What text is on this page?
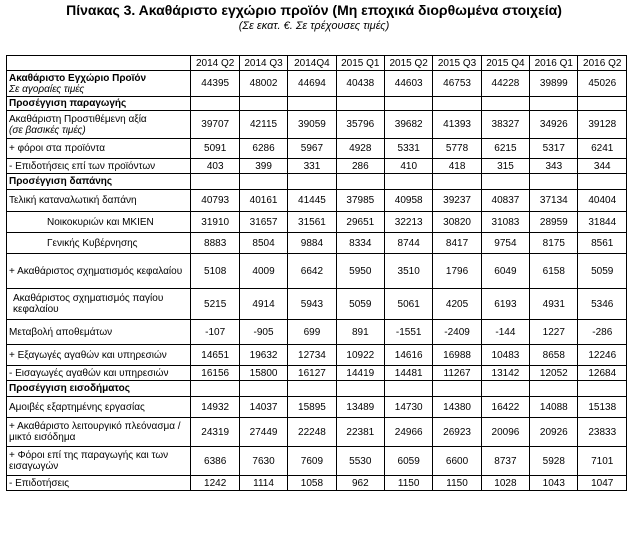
Πίνακας 3. Ακαθάριστο εγχώριο προϊόν (Μη εποχικά διορθωμένα στοιχεία)
(Σε εκατ. €. Σε τρέχουσες τιμές)
	2014 Q2	2014 Q3	2014Q4	2015 Q1	2015 Q2	2015 Q3	2015 Q4	2016 Q1	2016 Q2

Ακαθάριστο Εγχώριο Προϊόν
Σε αγοραίες τιμές	44395	48002	44694	40438	44603	46753	44228	39899	45026

Προσέγγιση παραγωγής									

Ακαθάριστη Προστιθέμενη αξία
(σε βασικές τιμές)	39707	42115	39059	35796	39682	41393	38327	34926	39128

+ φόροι στα προϊόντα	5091	6286	5967	4928	5331	5778	6215	5317	6241

- Επιδοτήσεις επί των προϊόντων	403	399	331	286	410	418	315	343	344

Προσέγγιση δαπάνης									

Τελική καταναλωτική δαπάνη	40793	40161	41445	37985	40958	39237	40837	37134	40404

Νοικοκυριών και ΜΚΙΕΝ	31910	31657	31561	29651	32213	30820	31083	28959	31844

Γενικής Κυβέρνησης	8883	8504	9884	8334	8744	8417	9754	8175	8561

+ Ακαθάριστος σχηματισμός κεφαλαίου	5108	4009	6642	5950	3510	1796	6049	6158	5059

Ακαθάριστος σχηματισμός παγίου κεφαλαίου	5215	4914	5943	5059	5061	4205	6193	4931	5346

Μεταβολή αποθεμάτων	-107	-905	699	891	-1551	-2409	-144	1227	-286

+ Εξαγωγές αγαθών και υπηρεσιών	14651	19632	12734	10922	14616	16988	10483	8658	12246

- Εισαγωγές αγαθών και υπηρεσιών	16156	15800	16127	14419	14481	11267	13142	12052	12684

Προσέγγιση εισοδήματος									

Αμοιβές εξαρτημένης εργασίας	14932	14037	15895	13489	14730	14380	16422	14088	15138

+ Ακαθάριστο λειτουργικό πλεόνασμα /μικτό εισόδημα	24319	27449	22248	22381	24966	26923	20096	20926	23833

+ Φόροι επί της παραγωγής και των εισαγωγών	6386	7630	7609	5530	6059	6600	8737	5928	7101

- Επιδοτήσεις	1242	1114	1058	962	1150	1150	1028	1043	1047
